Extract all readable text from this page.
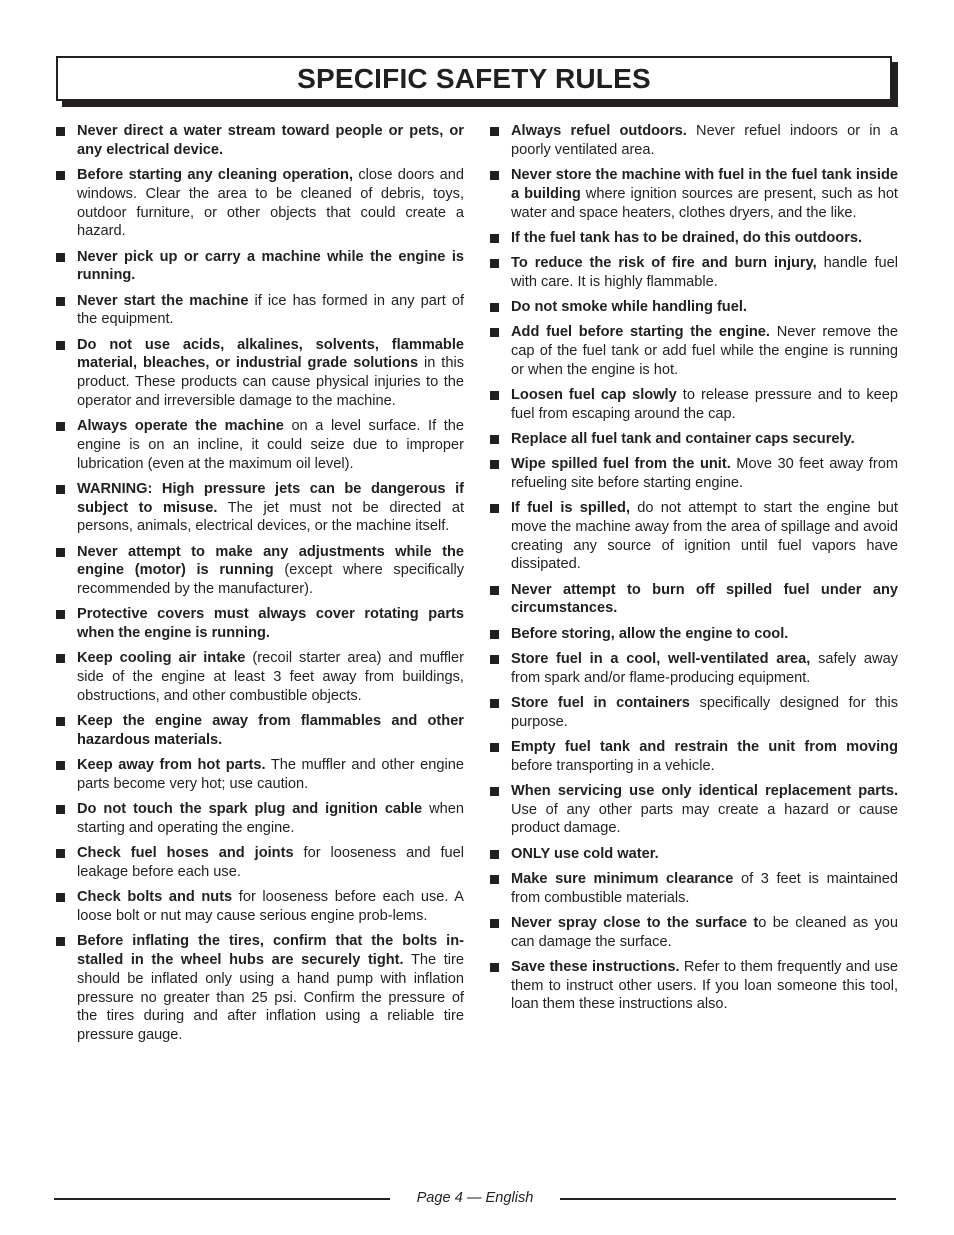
SPECIFIC SAFETY RULES
Never direct a water stream toward people or pets, or any electrical device.
Before starting any cleaning operation, close doors and windows. Clear the area to be cleaned of debris, toys, outdoor furniture, or other objects that could create a hazard.
Never pick up or carry a machine while the engine is running.
Never start the machine if ice has formed in any part of the equipment.
Do not use acids, alkalines, solvents, flammable material, bleaches, or industrial grade solutions in this product. These products can cause physical injuries to the operator and irreversible damage to the machine.
Always operate the machine on a level surface. If the engine is on an incline, it could seize due to improper lubrication (even at the maximum oil level).
WARNING: High pressure jets can be dangerous if subject to misuse. The jet must not be directed at persons, animals, electrical devices, or the machine itself.
Never attempt to make any adjustments while the engine (motor) is running (except where specifically recommended by the manufacturer).
Protective covers must always cover rotating parts when the engine is running.
Keep cooling air intake (recoil starter area) and muffler side of the engine at least 3 feet away from buildings, obstructions, and other combustible objects.
Keep the engine away from flammables and other hazardous materials.
Keep away from hot parts. The muffler and other engine parts become very hot; use caution.
Do not touch the spark plug and ignition cable when starting and operating the engine.
Check fuel hoses and joints for looseness and fuel leakage before each use.
Check bolts and nuts for looseness before each use. A loose bolt or nut may cause serious engine prob-lems.
Before inflating the tires, confirm that the bolts in-stalled in the wheel hubs are securely tight. The tire should be inflated only using a hand pump with inflation pressure no greater than 25 psi. Confirm the pressure of the tires during and after inflation using a reliable tire pressure gauge.
Always refuel outdoors. Never refuel indoors or in a poorly ventilated area.
Never store the machine with fuel in the fuel tank inside a building where ignition sources are present, such as hot water and space heaters, clothes dryers, and the like.
If the fuel tank has to be drained, do this outdoors.
To reduce the risk of fire and burn injury, handle fuel with care. It is highly flammable.
Do not smoke while handling fuel.
Add fuel before starting the engine. Never remove the cap of the fuel tank or add fuel while the engine is running or when the engine is hot.
Loosen fuel cap slowly to release pressure and to keep fuel from escaping around the cap.
Replace all fuel tank and container caps securely.
Wipe spilled fuel from the unit. Move 30 feet away from refueling site before starting engine.
If fuel is spilled, do not attempt to start the engine but move the machine away from the area of spillage and avoid creating any source of ignition until fuel vapors have dissipated.
Never attempt to burn off spilled fuel under any circumstances.
Before storing, allow the engine to cool.
Store fuel in a cool, well-ventilated area, safely away from spark and/or flame-producing equipment.
Store fuel in containers specifically designed for this purpose.
Empty fuel tank and restrain the unit from moving before transporting in a vehicle.
When servicing use only identical replacement parts. Use of any other parts may create a hazard or cause product damage.
ONLY use cold water.
Make sure minimum clearance of 3 feet is maintained from combustible materials.
Never spray close to the surface to be cleaned as you can damage the surface.
Save these instructions. Refer to them frequently and use them to instruct other users. If you loan someone this tool, loan them these instructions also.
Page 4 — English
